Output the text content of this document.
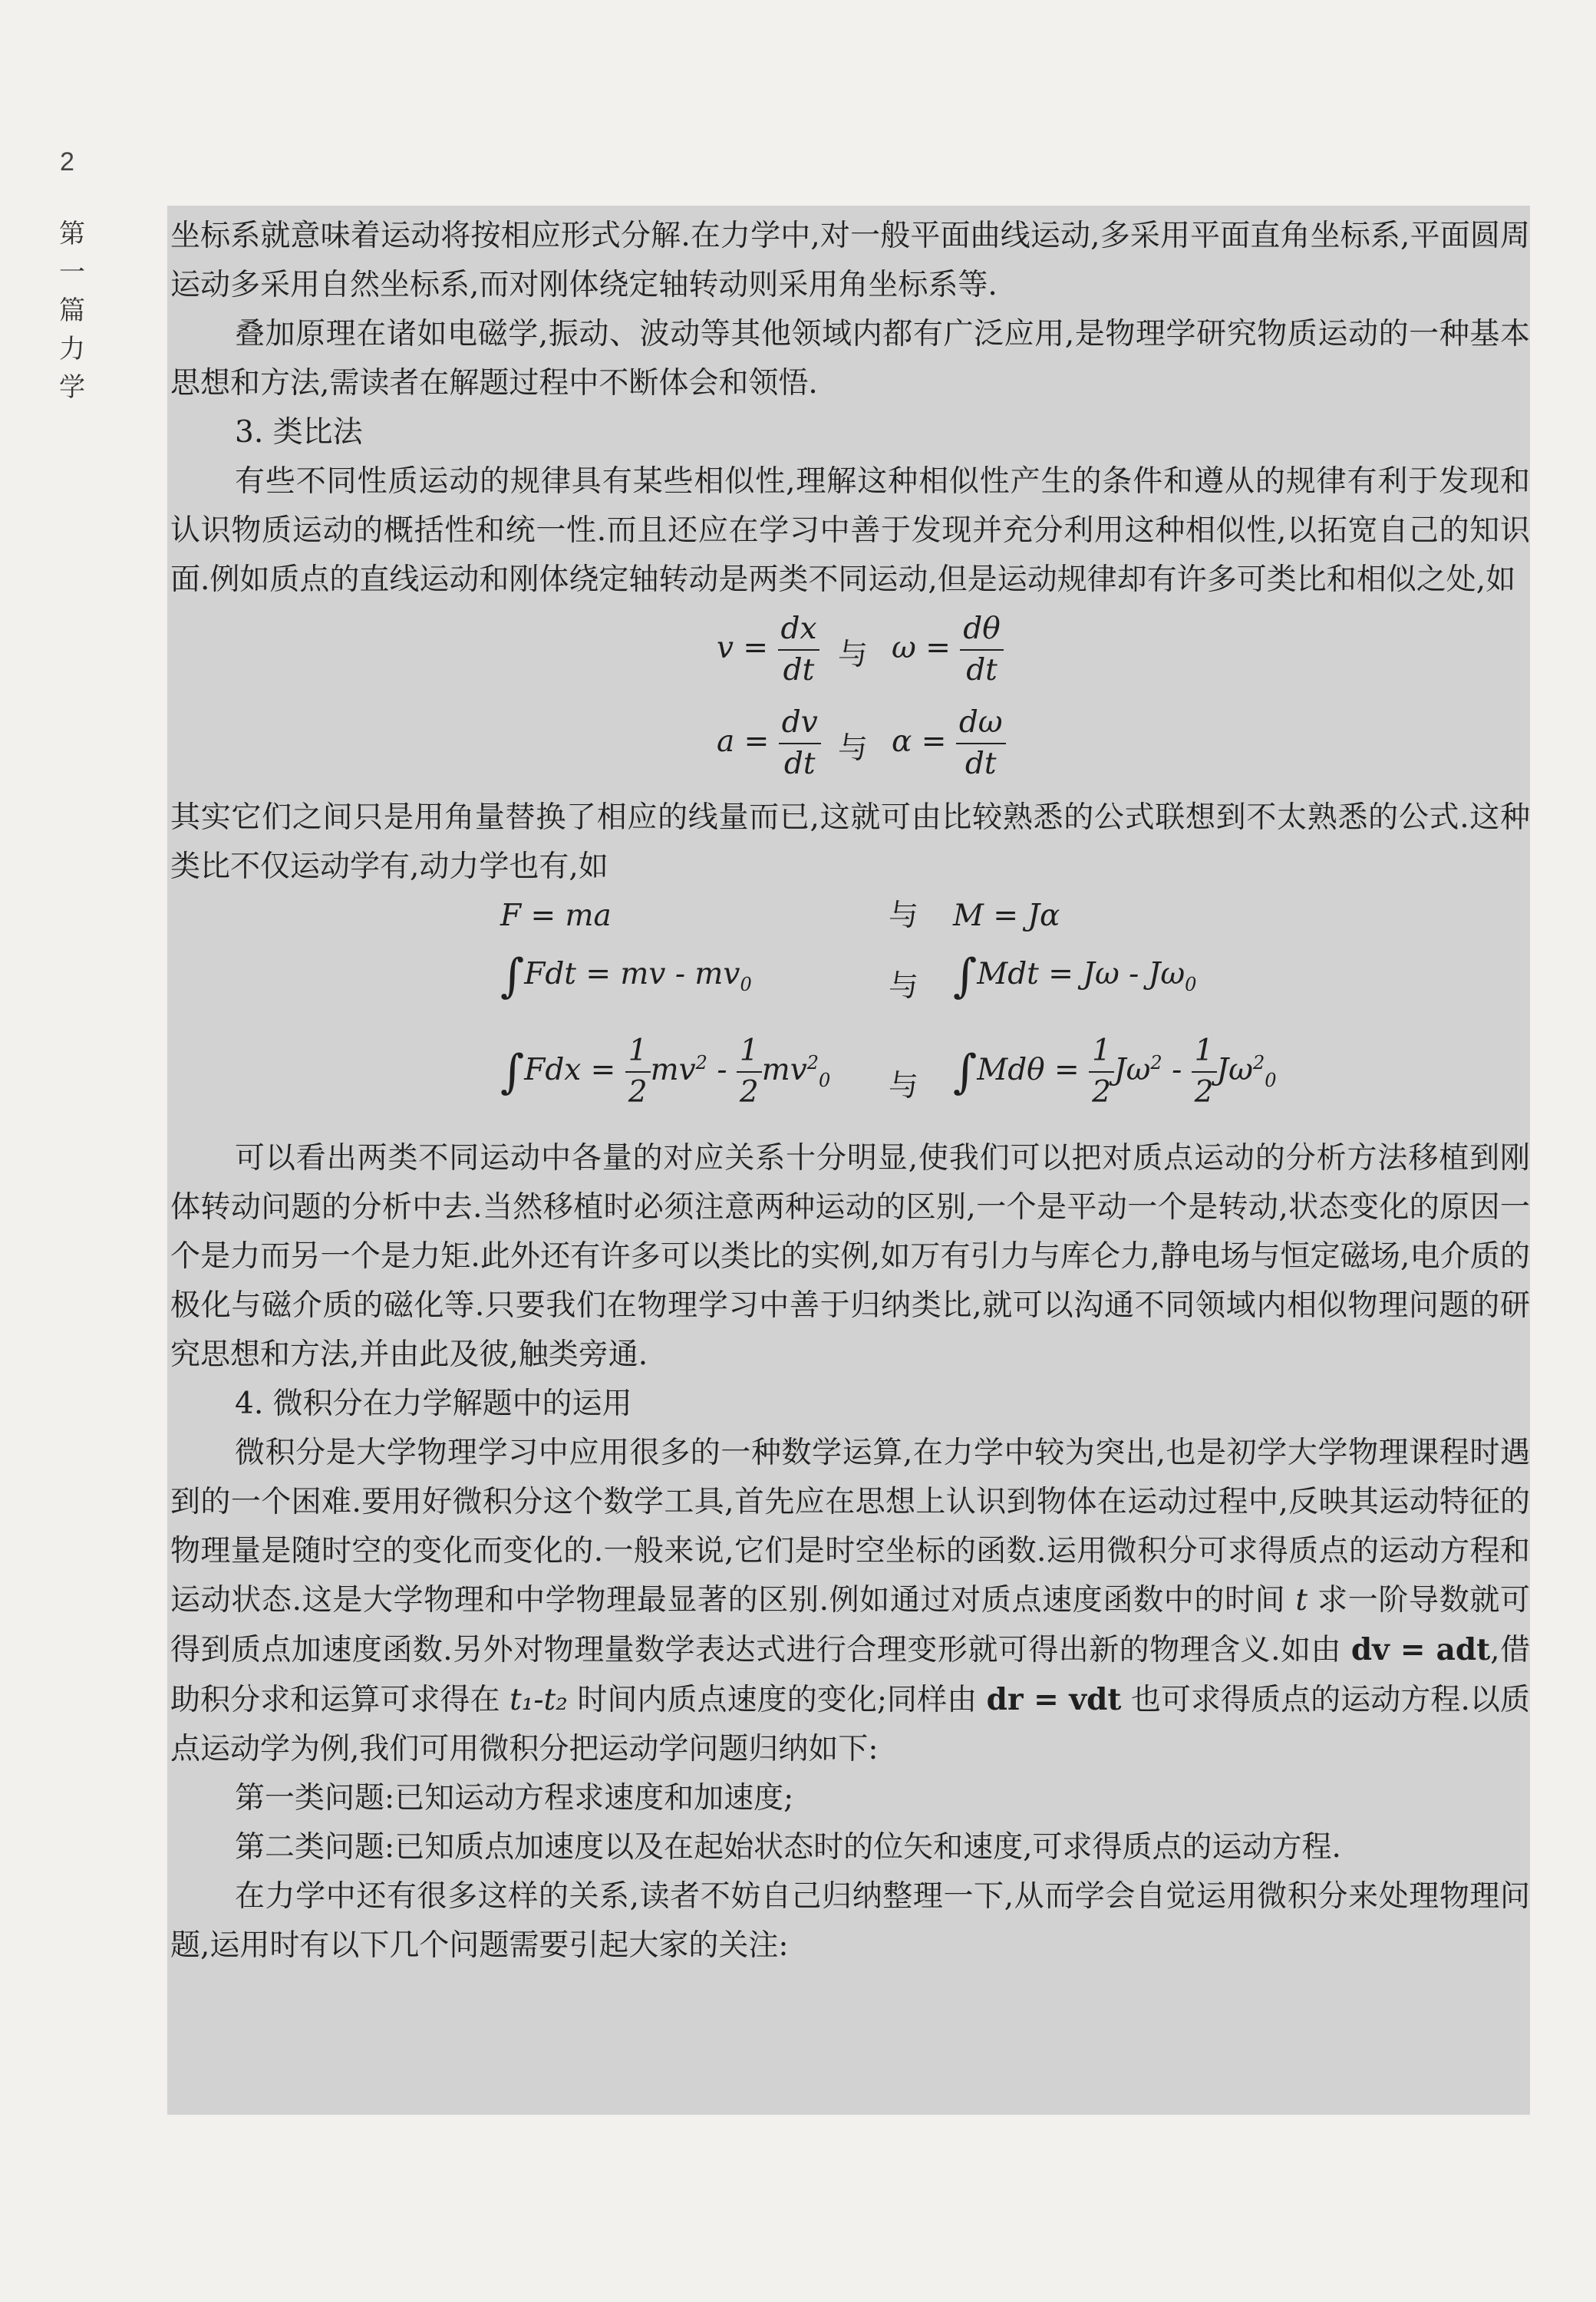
2
第一篇 力学

坐标系就意味着运动将按相应形式分解.在力学中,对一般平面曲线运动,多采用平面直角坐标系,平面圆周运动多采用自然坐标系,而对刚体绕定轴转动则采用角坐标系等.

叠加原理在诸如电磁学,振动、波动等其他领域内都有广泛应用,是物理学研究物质运动的一种基本思想和方法,需读者在解题过程中不断体会和领悟.

3. 类比法

有些不同性质运动的规律具有某些相似性,理解这种相似性产生的条件和遵从的规律有利于发现和认识物质运动的概括性和统一性.而且还应在学习中善于发现并充分利用这种相似性,以拓宽自己的知识面.例如质点的直线运动和刚体绕定轴转动是两类不同运动,但是运动规律却有许多可类比和相似之处,如

$v = \frac{dx}{dt}$ 与 $\omega = \frac{d\theta}{dt}$
$a = \frac{dv}{dt}$ 与 $\alpha = \frac{d\omega}{dt}$

其实它们之间只是用角量替换了相应的线量而已,这就可由比较熟悉的公式联想到不太熟悉的公式.这种类比不仅运动学有,动力学也有,如

F = ma	与 M = Jα
∫Fdt = mv - $mv_0$	与 $\int Mdt = J\omega - J\omega_0$
$\int Fdx = \frac{1}{2} mv^2 - \frac{1}{2} mv^2_0$ 与 $\int Md\theta = \frac{1}{2} J\omega^2 - \frac{1}{2} J\omega^2_0$

可以看出两类不同运动中各量的对应关系十分明显,使我们可以把对质点运动的分析方法移植到刚体转动问题的分析中去.当然移植时必须注意两种运动的区别,一个是平动一个是转动,状态变化的原因一个是力而另一个是力矩.此外还有许多可以类比的实例,如万有引力与库仑力,静电场与恒定磁场,电介质的极化与磁介质的磁化等.只要我们在物理学习中善于归纳类比,就可以沟通不同领域内相似物理问题的研究思想和方法,并由此及彼,触类旁通.

4. 微积分在力学解题中的运用

微积分是大学物理学习中应用很多的一种数学运算,在力学中较为突出,也是初学大学物理课程时遇到的一个困难.要用好微积分这个数学工具,首先应在思想上认识到物体在运动过程中,反映其运动特征的物理量是随时空的变化而变化的.一般来说,它们是时空坐标的函数.运用微积分可求得质点的运动方程和运动状态.这是大学物理和中学物理最显著的区别.例如通过对质点速度函数中的时间 t 求一阶导数就可得到质点加速度函数.另外对物理量数学表达式进行合理变形就可得出新的物理含义.如由 dv = adt,借助积分求和运算可求得在 t₁-t₂ 时间内质点速度的变化;同样由 dr = vdt 也可求得质点的运动方程.以质点运动学为例,我们可用微积分把运动学问题归纳如下:

第一类问题:已知运动方程求速度和加速度;

第二类问题:已知质点加速度以及在起始状态时的位矢和速度,可求得质点的运动方程.

在力学中还有很多这样的关系,读者不妨自己归纳整理一下,从而学会自觉运用微积分来处理物理问题,运用时有以下几个问题需要引起大家的关注:
